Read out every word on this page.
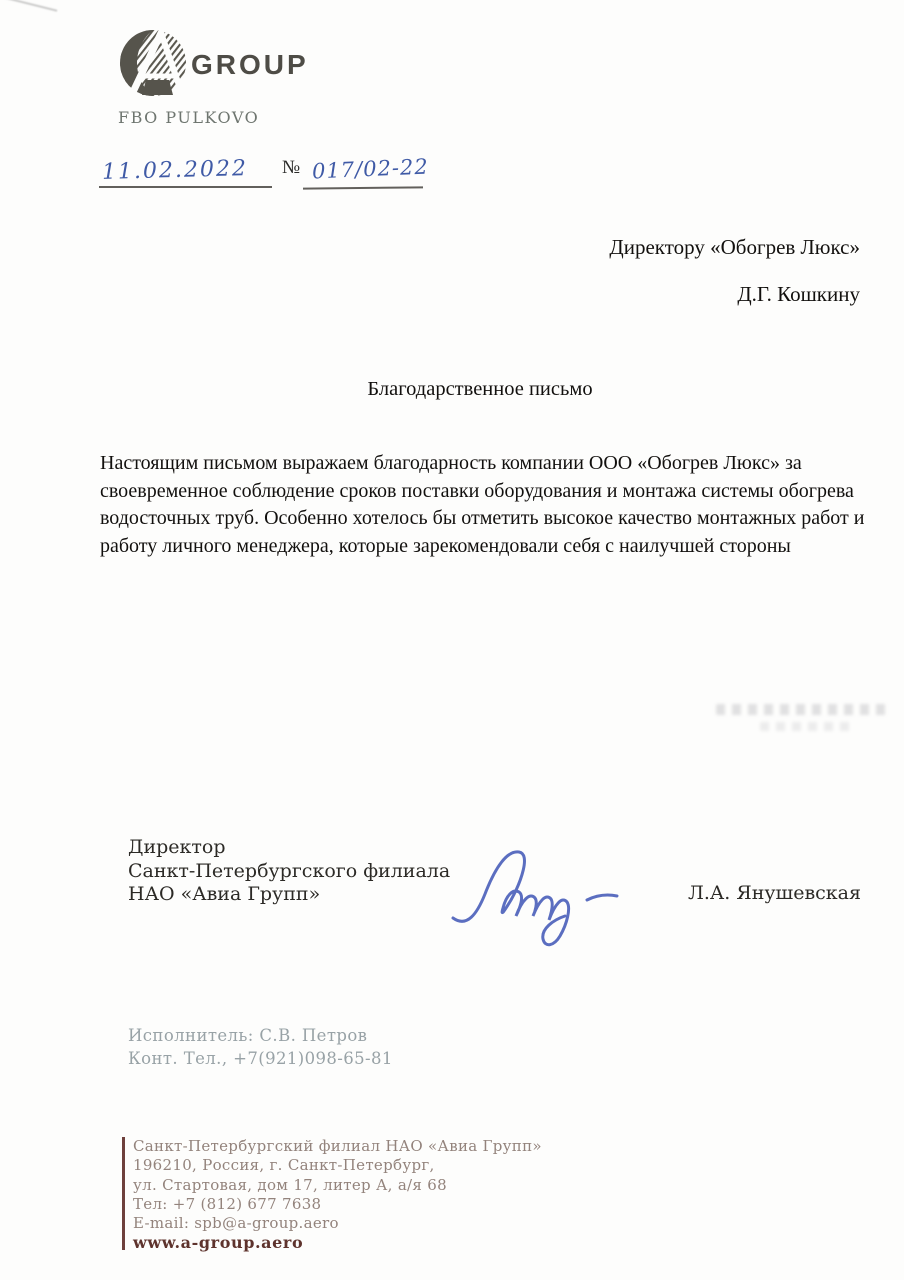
GROUP
FBO PULKOVO
11.02.2022 № 017/02-22
Директору «Обогрев Люкс»
Д.Г. Кошкину
Благодарственное письмо
Настоящим письмом выражаем благодарность компании ООО «Обогрев Люкс» за
своевременное соблюдение сроков поставки оборудования и монтажа системы обогрева
водосточных труб. Особенно хотелось бы отметить высокое качество монтажных работ и
работу личного менеджера, которые зарекомендовали себя с наилучшей стороны
Директор
Санкт-Петербургского филиала
НАО «Авиа Групп»	Л.А. Янушевская
Исполнитель: С.В. Петров
Конт. Тел., +7(921)098-65-81
Санкт-Петербургский филиал НАО «Авиа Групп»
196210, Россия, г. Санкт-Петербург,
ул. Стартовая, дом 17, литер А, а/я 68
Тел: +7 (812) 677 7638
E-mail: spb@a-group.aero
www.a-group.aero
